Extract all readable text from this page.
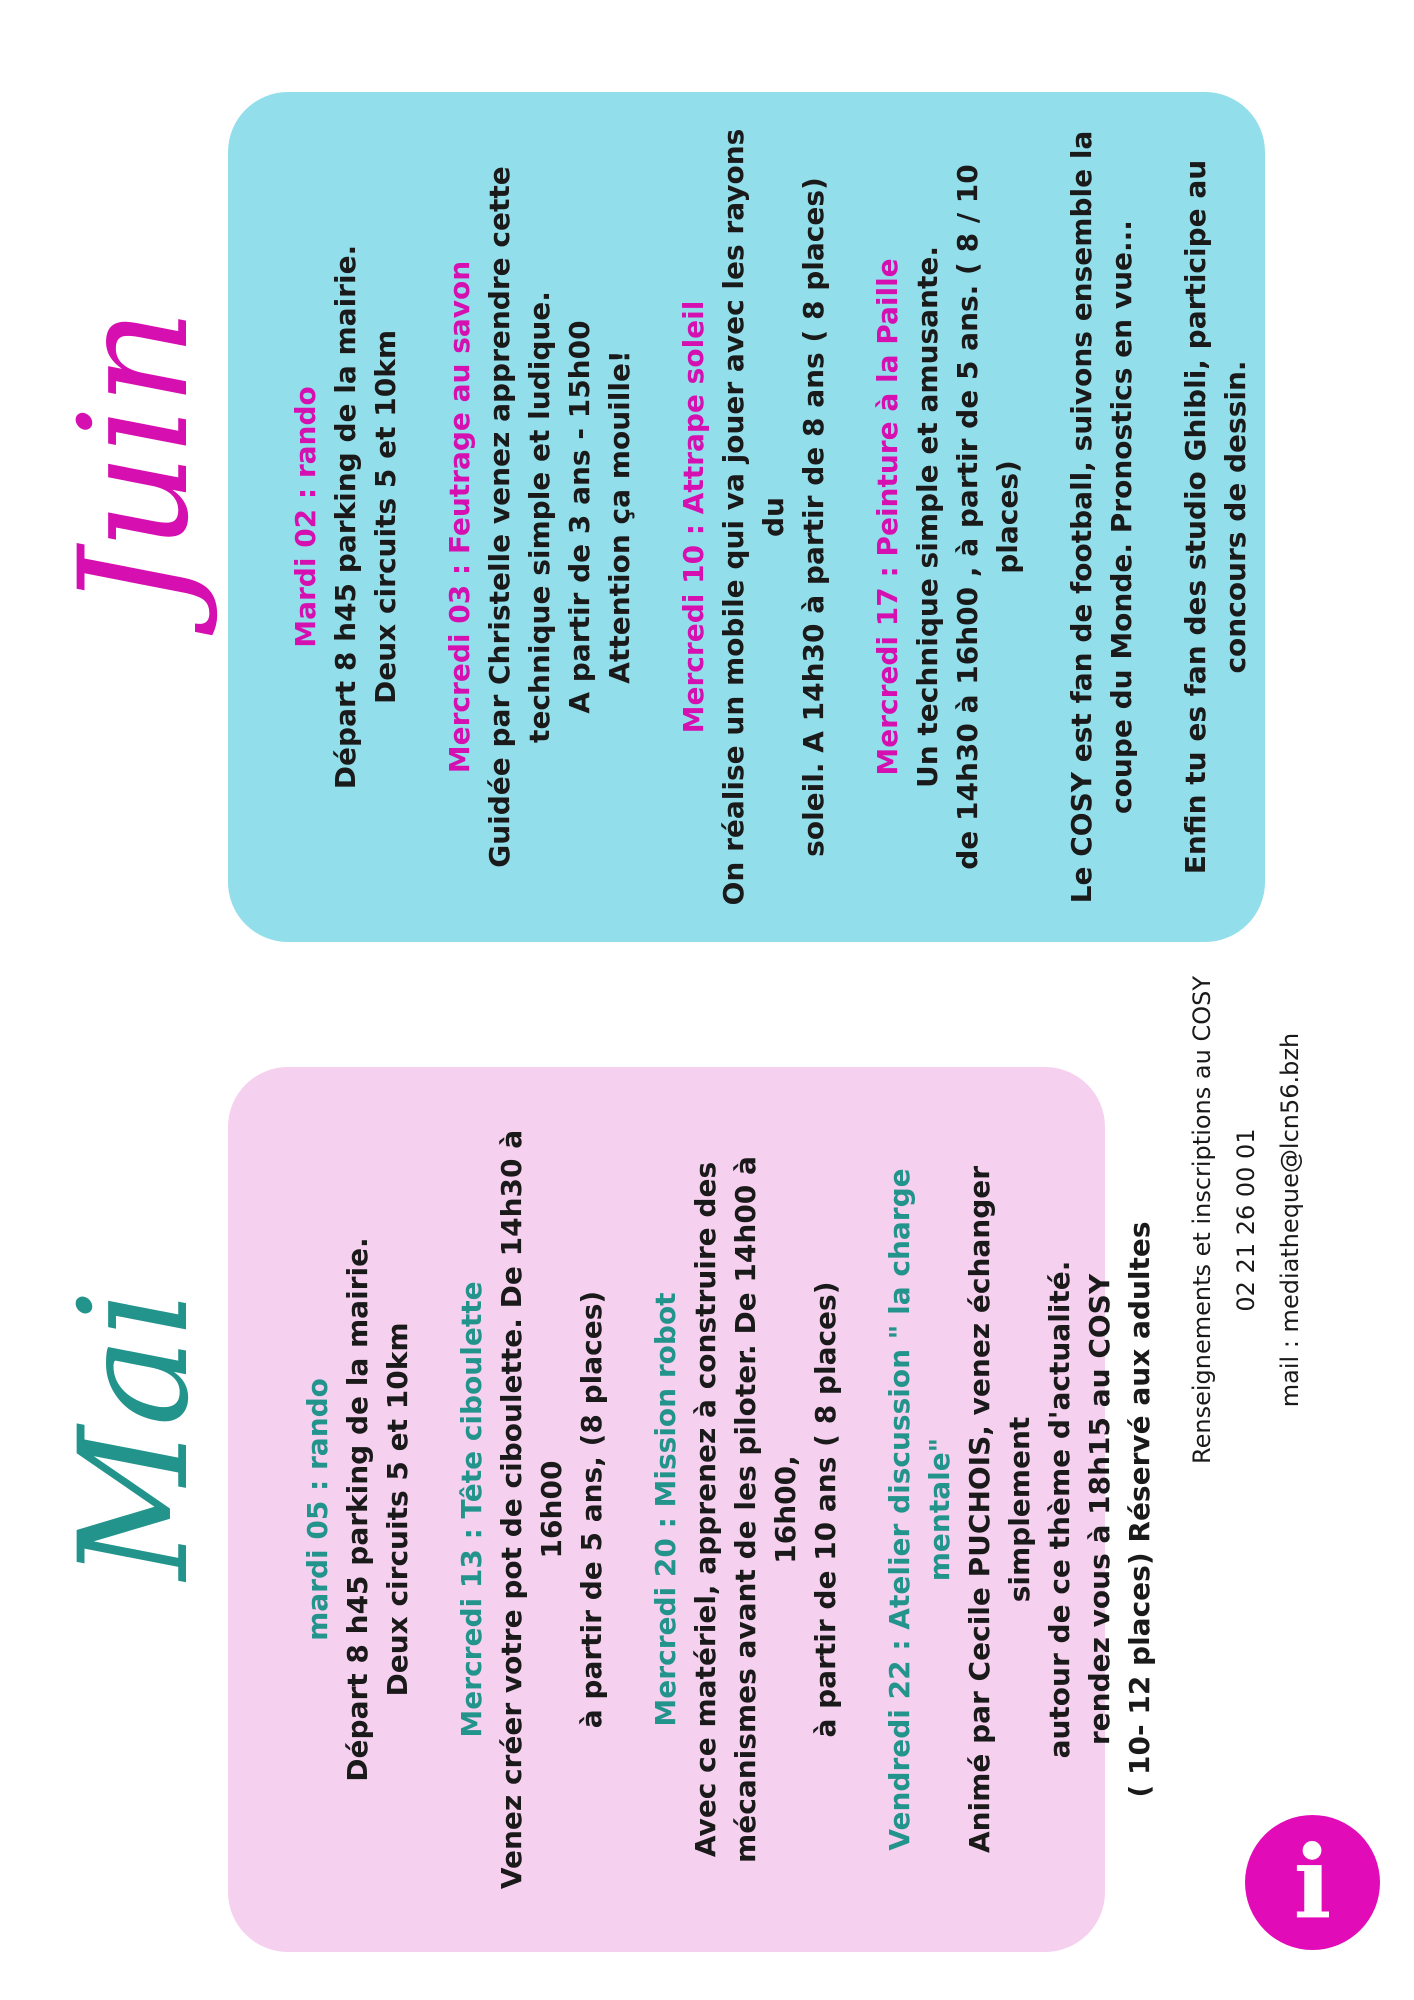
Mai
Juin
mardi 05 : rando Départ 8 h45 parking de la mairie. Deux circuits 5 et 10km Mercredi 13 : Tête ciboulette Venez créer votre pot de ciboulette. De 14h30 à 16h00 à partir de 5 ans, (8 places) Mercredi 20 : Mission robot Avec ce matériel, apprenez à construire des mécanismes avant de les piloter. De 14h00 à 16h00, à partir de 10 ans ( 8 places) Vendredi 22 : Atelier discussion " la charge mentale" Animé par Cecile PUCHOIS, venez échanger simplement autour de ce thème d'actualité. rendez vous à 18h15 au COSY ( 10- 12 places) Réservé aux adultes
Mardi 02 : rando Départ 8 h45 parking de la mairie. Deux circuits 5 et 10km Mercredi 03 : Feutrage au savon Guidée par Christelle venez apprendre cette technique simple et ludique. A partir de 3 ans - 15h00 Attention ça mouille! Mercredi 10 : Attrape soleil On réalise un mobile qui va jouer avec les rayons du soleil. A 14h30 à partir de 8 ans ( 8 places) Mercredi 17 : Peinture à la Paille Un technique simple et amusante. de 14h30 à 16h00 , à partir de 5 ans. ( 8 / 10 places) Le COSY est fan de football, suivons ensemble la coupe du Monde. Pronostics en vue... Enfin tu es fan des studio Ghibli, participe au concours de dessin.
i
Renseignements et inscriptions au COSY 02 21 26 00 01 mail : mediatheque@lcn56.bzh
